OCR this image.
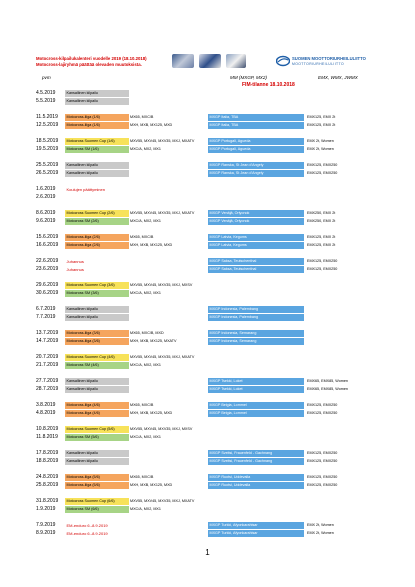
Motocross-kilpailukalenteri vuodelle 2019 (18.10.2018)
Motocross-lajiryhmä päättää olevaden muutoksista.
SUOMEN MOOTTORIURHEILULIITTO
MOOTTORIURHEILULIITTO
pvm	MM (MXGP, MX2)	EMX, WMX, JWMX
FIM-tilanne 18.10.2018
4.5.2019	Kansallinen kilpailu
5.5.2019	Kansallinen kilpailu
11.5.2019	Motocross-liiga (1/6)	MX65, MXC/B	MXGP Italia, TBA	EMX125, EMX 2t
12.5.2019	Motocross-liiga (1/6)	MXH, MXB, MX125, MXD	MXGP Italia, TBA	EMX125, EMX 2t
18.5.2019	Motocross Suomen Cup (1/6)	MXV55, MXV45, MXV35, MXJ, MXATV	MXGP Portugali, Agueda	EMX 2t, Women
19.5.2019	Motocross SM (1/6)	MXC/A, MX2, MX1	MXGP Portugali, Agueda	EMX 2t, Women
25.5.2019	Kansallinen kilpailu	MXGP Ranska, St Jean d'Angely	EMX125, EMX250
26.5.2019	Kansallinen kilpailu	MXGP Ranska, St Jean d'Angely	EMX125, EMX250
1.6.2019	Koulujen päättyminen
2.6.2019
8.6.2019	Motocross Suomen Cup (2/6)	MXV55, MXV45, MXV35, MXJ, MXATV	MXGP Venäjä, Orlyonok	EMX250, EMX 2t
9.6.2019	Motocross SM (2/6)	MXC/A, MX2, MX1	MXGP Venäjä, Orlyonok	EMX250, EMX 2t
15.6.2019	Motocross-liiga (2/6)	MX65, MXC/B	MXGP Latvia, Kegums	EMX125, EMX 2t
16.6.2019	Motocross-liiga (2/6)	MXH, MXB, MX125, MXD	MXGP Latvia, Kegums	EMX125, EMX 2t
22.6.2019	Juhannus	MXGP Saksa, Teutschenthal	EMX125, EMX250
23.6.2019	Juhannus	MXGP Saksa, Teutschenthal	EMX125, EMX250
29.6.2019	Motocross Suomen Cup (3/6)	MXV55, MXV45, MXV35, MXJ, MXSV
30.6.2019	Motocross SM (3/6)	MXC/A, MX2, MX1
6.7.2019	Kansallinen kilpailu	MXGP Indonesia, Palembang
7.7.2019	Kansallinen kilpailu	MXGP Indonesia, Palembang
13.7.2019	Motocross-liiga (3/6)	MX65, MXC/B, MXD	MXGP Indonesia, Semarang
14.7.2019	Motocross-liiga (3/6)	MXH, MXB, MX125, MXATV	MXGP Indonesia, Semarang
20.7.2019	Motocross Suomen Cup (4/6)	MXV55, MXV45, MXV35, MXJ, MXATV
21.7.2019	Motocross SM (4/6)	MXC/A, MX2, MX1
27.7.2019	Kansallinen kilpailu	MXGP Tsekki, Loket	EMX65, EMX85, Women
28.7.2019	Kansallinen kilpailu	MXGP Tsekki, Loket	EMX65, EMX85, Women
3.8.2019	Motocross-liiga (4/6)	MX65, MXC/B	MXGP Belgia, Lommel	EMX125, EMX250
4.8.2019	Motocross-liiga (4/6)	MXH, MXB, MX125, MXD	MXGP Belgia, Lommel	EMX125, EMX250
10.8.2019	Motocross Suomen Cup (5/6)	MXV55, MXV45, MXV35, MXJ, MXSV
11.8.2019	Motocross SM (5/6)	MXC/A, MX2, MX1
17.8.2019	Kansallinen kilpailu	MXGP Sveitsi, Frauenfeld - Gachnang	EMX125, EMX250
18.8.2019	Kansallinen kilpailu	MXGP Sveitsi, Frauenfeld - Gachnang	EMX125, EMX250
24.8.2019	Motocross-liiga (5/6)	MX65, MXC/B	MXGP Ruotsi, Uddevalla	EMX125, EMX250
25.8.2019	Motocross-liiga (5/6)	MXH, MXB, MX125, MXD	MXGP Ruotsi, Uddevalla	EMX125, EMX250
31.8.2019	Motocross Suomen Cup (6/6)	MXV55, MXV45, MXV35, MXJ, MXATV
1.9.2019	Motocross SM (6/6)	MXC/A, MX2, MX1
7.9.2019	EM-enduro 6.-8.9.2019	MXGP Turkki, Afyonkarahisar	EMX 2t, Women
8.9.2019	EM-enduro 6.-8.9.2019	MXGP Turkki, Afyonkarahisar	EMX 2t, Women
1
